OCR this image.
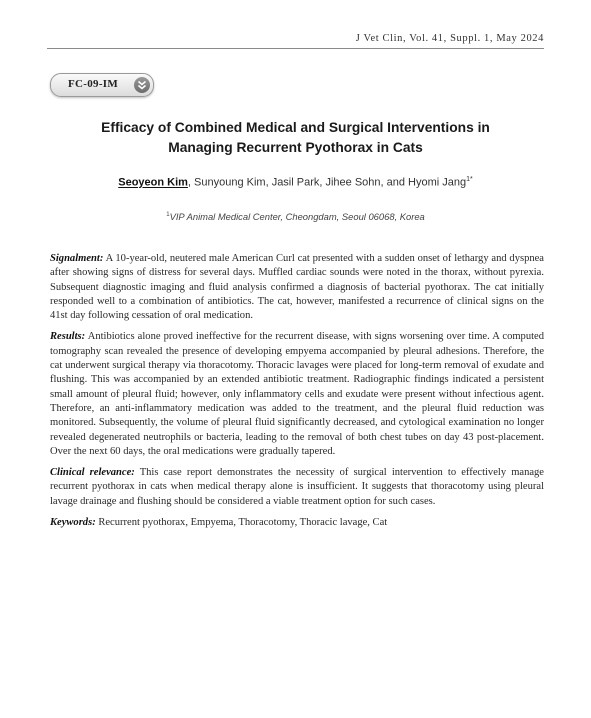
J Vet Clin, Vol. 41, Suppl. 1, May 2024
FC-09-IM
Efficacy of Combined Medical and Surgical Interventions in
Managing Recurrent Pyothorax in Cats
Seoyeon Kim, Sunyoung Kim, Jasil Park, Jihee Sohn, and Hyomi Jang$^{1*}$
$^1$VIP Animal Medical Center, Cheongdam, Seoul 06068, Korea

Signalment: A 10-year-old, neutered male American Curl cat presented with a sudden onset of lethargy and dyspnea after showing signs of distress for several days. Muffled cardiac sounds were noted in the thorax, without pyrexia. Subsequent diagnostic imaging and fluid analysis confirmed a diagnosis of bacterial pyothorax. The cat initially responded well to a combination of antibiotics. The cat, however, manifested a recurrence of clinical signs on the 41st day following cessation of oral medication.

Results: Antibiotics alone proved ineffective for the recurrent disease, with signs worsening over time. A computed tomography scan revealed the presence of developing empyema accompanied by pleural adhesions. Therefore, the cat underwent surgical therapy via thoracotomy. Thoracic lavages were placed for long-term removal of exudate and flushing. This was accompanied by an extended antibiotic treatment. Radiographic findings indicated a persistent small amount of pleural fluid; however, only inflammatory cells and exudate were present without infectious agent. Therefore, an anti-inflammatory medication was added to the treatment, and the pleural fluid reduction was monitored. Subsequently, the volume of pleural fluid significantly decreased, and cytological examination no longer revealed degenerated neutrophils or bacteria, leading to the removal of both chest tubes on day 43 post-placement. Over the next 60 days, the oral medications were gradually tapered.

Clinical relevance: This case report demonstrates the necessity of surgical intervention to effectively manage recurrent pyothorax in cats when medical therapy alone is insufficient. It suggests that thoracotomy using pleural lavage drainage and flushing should be considered a viable treatment option for such cases.

Keywords: Recurrent pyothorax, Empyema, Thoracotomy, Thoracic lavage, Cat
